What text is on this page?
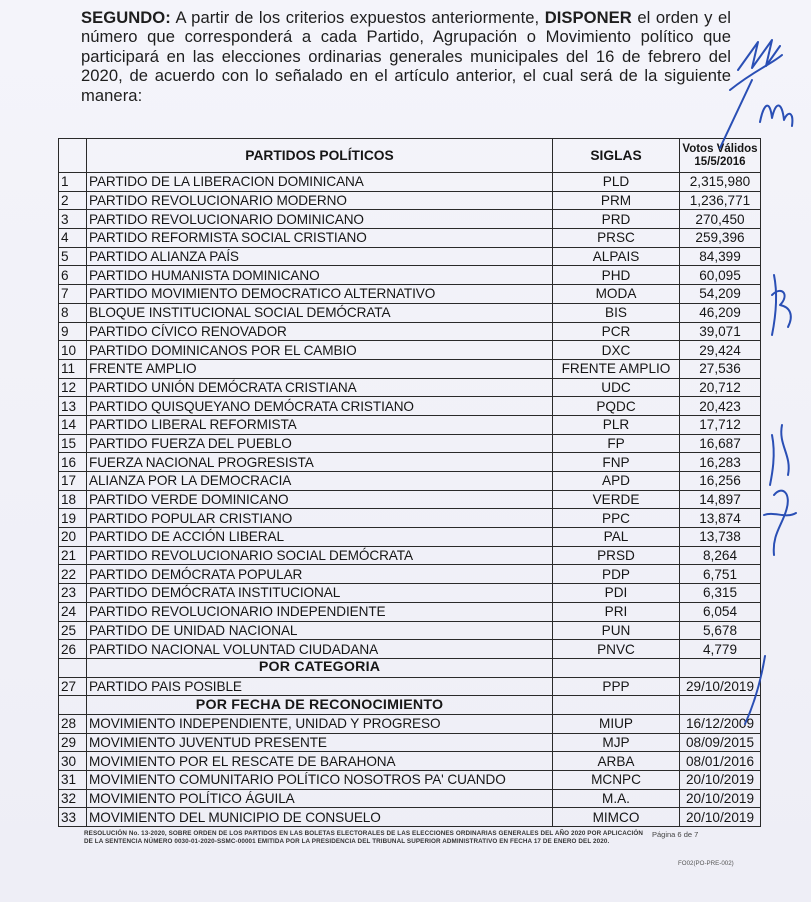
SEGUNDO: A partir de los criterios expuestos anteriormente, DISPONER el orden y el número que corresponderá a cada Partido, Agrupación o Movimiento político que participará en las elecciones ordinarias generales municipales del 16 de febrero del 2020, de acuerdo con lo señalado en el artículo anterior, el cual será de la siguiente manera:
	PARTIDOS POLÍTICOS	SIGLAS	Votos Válidos
15/5/2016
1	PARTIDO DE LA LIBERACION DOMINICANA	PLD	2,315,980
2	PARTIDO REVOLUCIONARIO MODERNO	PRM	1,236,771
3	PARTIDO REVOLUCIONARIO DOMINICANO	PRD	270,450
4	PARTIDO REFORMISTA SOCIAL CRISTIANO	PRSC	259,396
5	PARTIDO ALIANZA PAÍS	ALPAIS	84,399
6	PARTIDO HUMANISTA DOMINICANO	PHD	60,095
7	PARTIDO MOVIMIENTO DEMOCRATICO ALTERNATIVO	MODA	54,209
8	BLOQUE INSTITUCIONAL SOCIAL DEMÓCRATA	BIS	46,209
9	PARTIDO CÍVICO RENOVADOR	PCR	39,071
10	PARTIDO DOMINICANOS POR EL CAMBIO	DXC	29,424
11	FRENTE AMPLIO	FRENTE AMPLIO	27,536
12	PARTIDO UNIÓN DEMÓCRATA CRISTIANA	UDC	20,712
13	PARTIDO QUISQUEYANO DEMÓCRATA CRISTIANO	PQDC	20,423
14	PARTIDO LIBERAL REFORMISTA	PLR	17,712
15	PARTIDO FUERZA DEL PUEBLO	FP	16,687
16	FUERZA NACIONAL PROGRESISTA	FNP	16,283
17	ALIANZA POR LA DEMOCRACIA	APD	16,256
18	PARTIDO VERDE DOMINICANO	VERDE	14,897
19	PARTIDO POPULAR CRISTIANO	PPC	13,874
20	PARTIDO DE ACCIÓN LIBERAL	PAL	13,738
21	PARTIDO REVOLUCIONARIO SOCIAL DEMÓCRATA	PRSD	8,264
22	PARTIDO DEMÓCRATA POPULAR	PDP	6,751
23	PARTIDO DEMÓCRATA INSTITUCIONAL	PDI	6,315
24	PARTIDO REVOLUCIONARIO INDEPENDIENTE	PRI	6,054
25	PARTIDO DE UNIDAD NACIONAL	PUN	5,678
26	PARTIDO NACIONAL VOLUNTAD CIUDADANA	PNVC	4,779
	POR CATEGORIA		
27	PARTIDO PAIS POSIBLE	PPP	29/10/2019
	POR FECHA DE RECONOCIMIENTO		
28	MOVIMIENTO INDEPENDIENTE, UNIDAD Y PROGRESO	MIUP	16/12/2009
29	MOVIMIENTO JUVENTUD PRESENTE	MJP	08/09/2015
30	MOVIMIENTO POR EL RESCATE DE BARAHONA	ARBA	08/01/2016
31	MOVIMIENTO COMUNITARIO POLÍTICO NOSOTROS PA' CUANDO	MCNPC	20/10/2019
32	MOVIMIENTO POLÍTICO ÁGUILA	M.A.	20/10/2019
33	MOVIMIENTO DEL MUNICIPIO DE CONSUELO	MIMCO	20/10/2019
Página 6 de 7
RESOLUCIÓN No. 13-2020, SOBRE ORDEN DE LOS PARTIDOS EN LAS BOLETAS ELECTORALES DE LAS ELECCIONES ORDINARIAS GENERALES DEL AÑO 2020 POR APLICACIÓN
DE LA SENTENCIA NÚMERO 0030-01-2020-SSMC-00001 EMITIDA POR LA PRESIDENCIA DEL TRIBUNAL SUPERIOR ADMINISTRATIVO EN FECHA 17 DE ENERO DEL 2020.
FO02(PO-PRE-002)
